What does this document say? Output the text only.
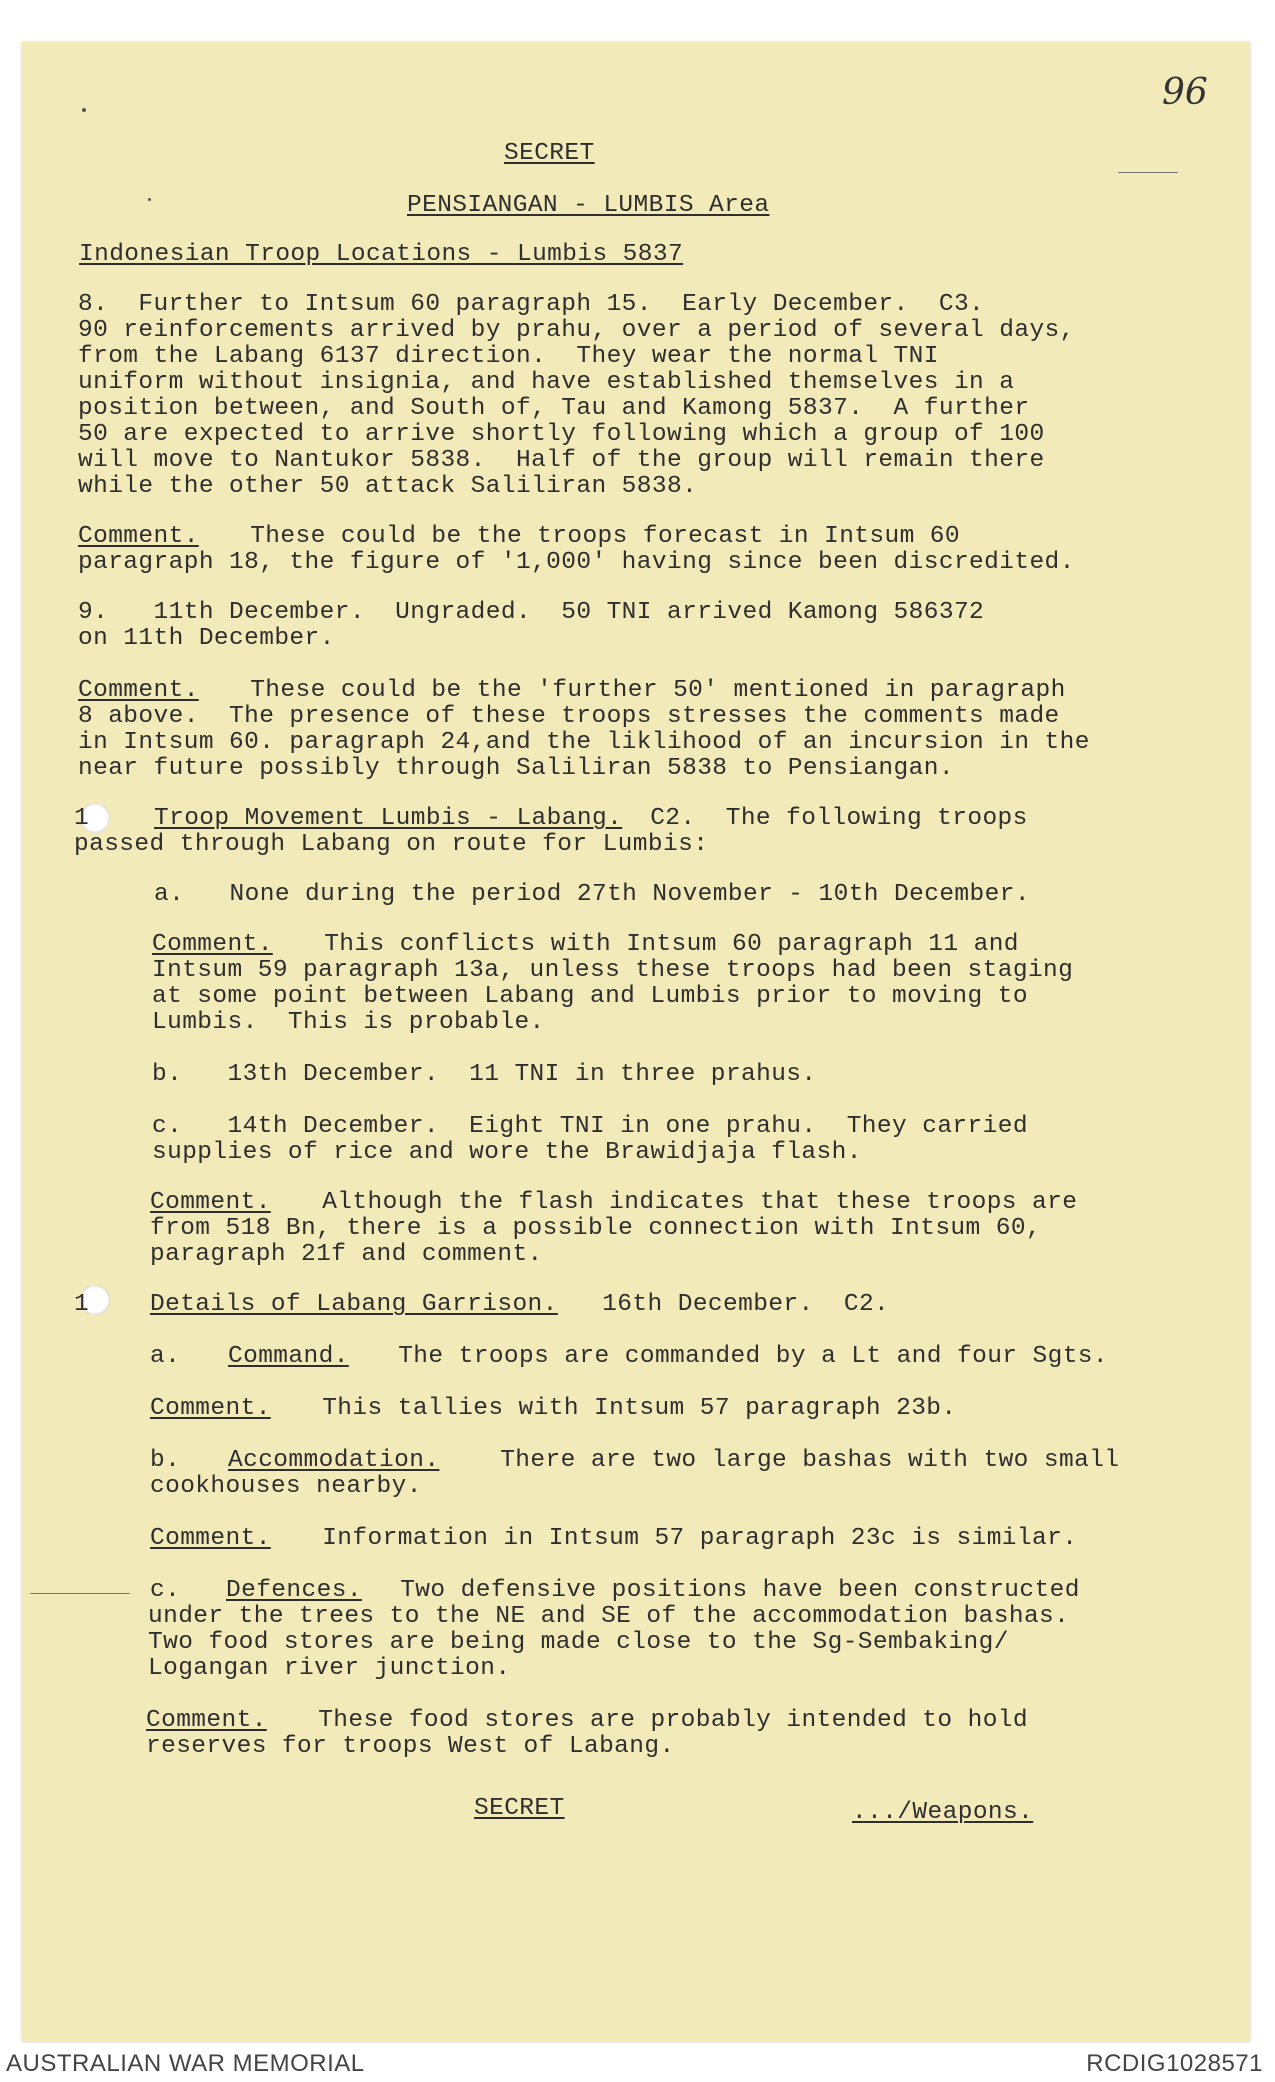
96
SECRET
PENSIANGAN - LUMBIS Area
Indonesian Troop Locations - Lumbis 5837
8.  Further to Intsum 60 paragraph 15.  Early December.  C3.
90 reinforcements arrived by prahu, over a period of several days,
from the Labang 6137 direction.  They wear the normal TNI
uniform without insignia, and have established themselves in a
position between, and South of, Tau and Kamong 5837.  A further
50 are expected to arrive shortly following which a group of 100
will move to Nantukor 5838.  Half of the group will remain there
while the other 50 attack Saliliran 5838.
Comment. These could be the troops forecast in Intsum 60
paragraph 18, the figure of '1,000' having since been discredited.
9.   11th December.  Ungraded.  50 TNI arrived Kamong 586372
on 11th December.
Comment. These could be the 'further 50' mentioned in paragraph
8 above.  The presence of these troops stresses the comments made
in Intsum 60. paragraph 24,and the liklihood of an incursion in the
near future possibly through Saliliran 5838 to Pensiangan.
1	Troop Movement Lumbis - Labang.
C2.  The following troops
passed through Labang on route for Lumbis:
a.   None during the period 27th November - 10th December.
Comment. This conflicts with Intsum 60 paragraph 11 and
Intsum 59 paragraph 13a, unless these troops had been staging
at some point between Labang and Lumbis prior to moving to
Lumbis.  This is probable.
b.   13th December.  11 TNI in three prahus.
c.   14th December.  Eight TNI in one prahu.  They carried
supplies of rice and wore the Brawidjaja flash.
Comment. Although the flash indicates that these troops are
from 518 Bn, there is a possible connection with Intsum 60,
paragraph 21f and comment.
1 Details of Labang Garrison. 16th December.  C2.
a. Command. The troops are commanded by a Lt and four Sgts.
Comment. This tallies with Intsum 57 paragraph 23b.
b. Accommodation. There are two large bashas with two small
cookhouses nearby.
Comment. Information in Intsum 57 paragraph 23c is similar.
c. Defences. Two defensive positions have been constructed
under the trees to the NE and SE of the accommodation bashas.
Two food stores are being made close to the Sg-Sembaking/
Logangan river junction.
Comment. These food stores are probably intended to hold
reserves for troops West of Labang.
SECRET	.../Weapons.
AUSTRALIAN WAR MEMORIAL	RCDIG1028571
